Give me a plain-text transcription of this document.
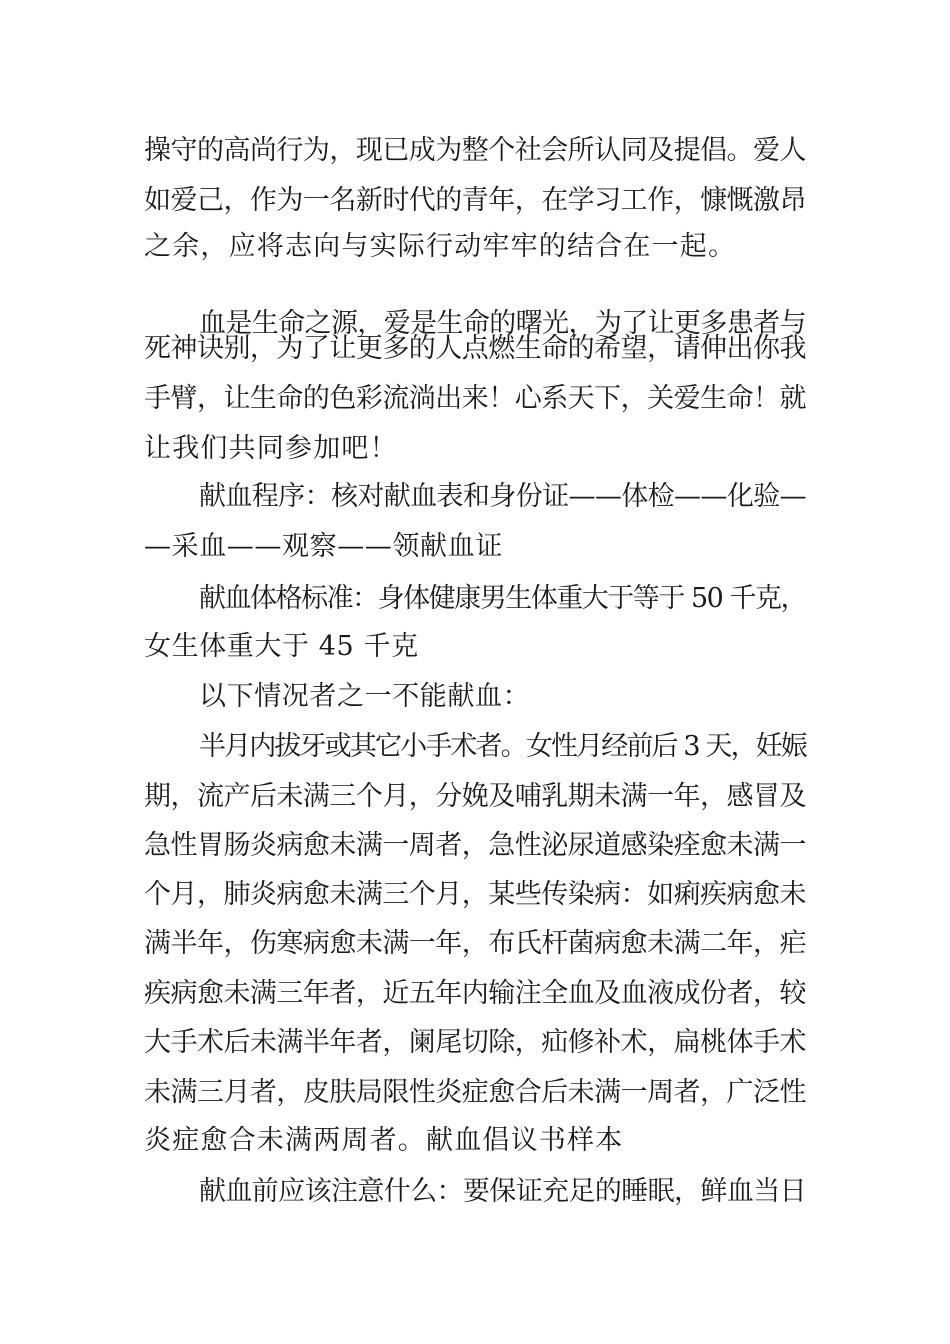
操守的高尚行为，现已成为整个社会所认同及提倡。爱人
如爱己，作为一名新时代的青年，在学习工作，慷慨激昂
之余，应将志向与实际行动牢牢的结合在一起。
血是生命之源，爱是生命的曙光，为了让更多患者与
死神诀别，为了让更多的人点燃生命的希望，请伸出你我
手臂，让生命的色彩流淌出来！心系天下，关爱生命！就
让我们共同参加吧！
献血程序：核对献血表和身份证——体检——化验—
—采血——观察——领献血证
献血体格标准：身体健康男生体重大于等于 50 千克，
女生体重大于 45 千克
以下情况者之一不能献血：
半月内拔牙或其它小手术者。女性月经前后 3 天，妊娠
期，流产后未满三个月，分娩及哺乳期未满一年，感冒及
急性胃肠炎病愈未满一周者，急性泌尿道感染痊愈未满一
个月，肺炎病愈未满三个月，某些传染病：如痢疾病愈未
满半年，伤寒病愈未满一年，布氏杆菌病愈未满二年，疟
疾病愈未满三年者，近五年内输注全血及血液成份者，较
大手术后未满半年者，阑尾切除，疝修补术，扁桃体手术
未满三月者，皮肤局限性炎症愈合后未满一周者，广泛性
炎症愈合未满两周者。献血倡议书样本
献血前应该注意什么：要保证充足的睡眠，鲜血当日
